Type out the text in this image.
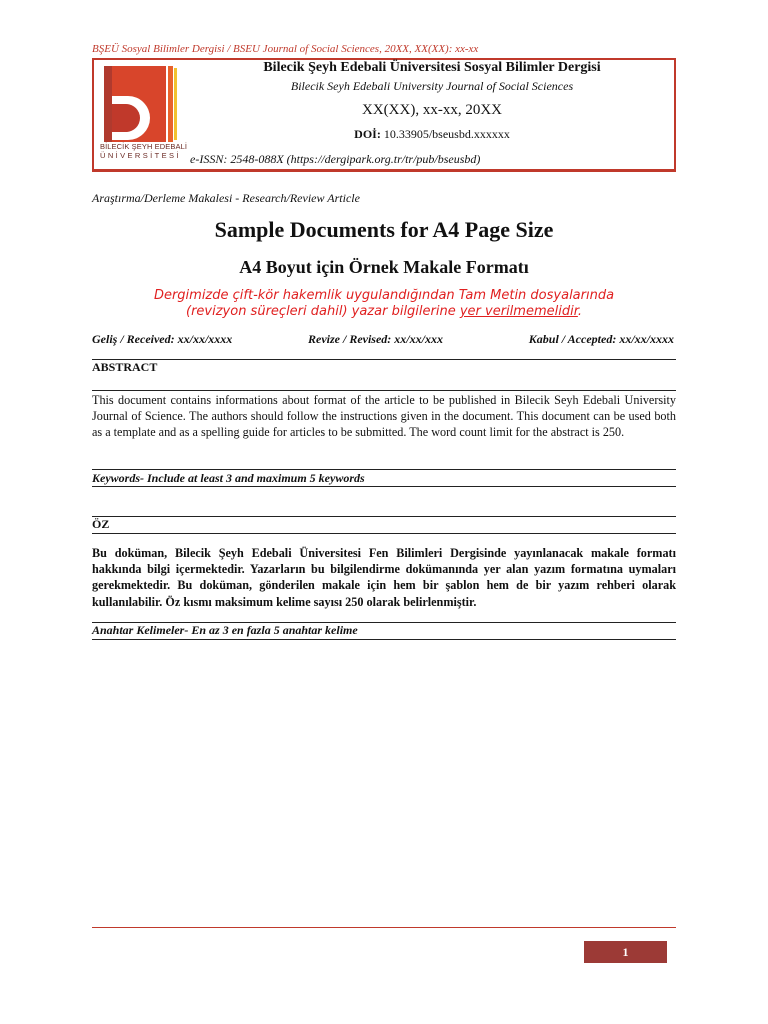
BŞEÜ Sosyal Bilimler Dergisi / BSEU Journal of Social Sciences, 20XX, XX(XX): xx-xx
BİLECİK ŞEYH EDEBALİ
ÜNİVERSİTESİ
Bilecik Şeyh Edebali Üniversitesi Sosyal Bilimler Dergisi
Bilecik Seyh Edebali University Journal of Social Sciences
XX(XX), xx-xx, 20XX
DOİ: 10.33905/bseusbd.xxxxxx
e-ISSN: 2548-088X (https://dergipark.org.tr/tr/pub/bseusbd)
Araştırma/Derleme Makalesi - Research/Review Article
Sample Documents for A4 Page Size
A4 Boyut için Örnek Makale Formatı
Dergimizde çift-kör hakemlik uygulandığından Tam Metin dosyalarında
(revizyon süreçleri dahil) yazar bilgilerine yer verilmemelidir.
Geliş / Received: xx/xx/xxxx	Revize / Revised: xx/xx/xxx	Kabul / Accepted: xx/xx/xxxx
ABSTRACT
This document contains informations about format of the article to be published in Bilecik Seyh Edebali University Journal of Science. The authors should follow the instructions given in the document. This document can be used both as a template and as a spelling guide for articles to be submitted. The word count limit for the abstract is 250.
Keywords- Include at least 3 and maximum 5 keywords
ÖZ
Bu doküman, Bilecik Şeyh Edebali Üniversitesi Fen Bilimleri Dergisinde yayınlanacak makale formatı hakkında bilgi içermektedir. Yazarların bu bilgilendirme dokümanında yer alan yazım formatına uymaları gerekmektedir. Bu doküman, gönderilen makale için hem bir şablon hem de bir yazım rehberi olarak kullanılabilir. Öz kısmı maksimum kelime sayısı 250 olarak belirlenmiştir.
Anahtar Kelimeler- En az 3 en fazla 5 anahtar kelime
1
